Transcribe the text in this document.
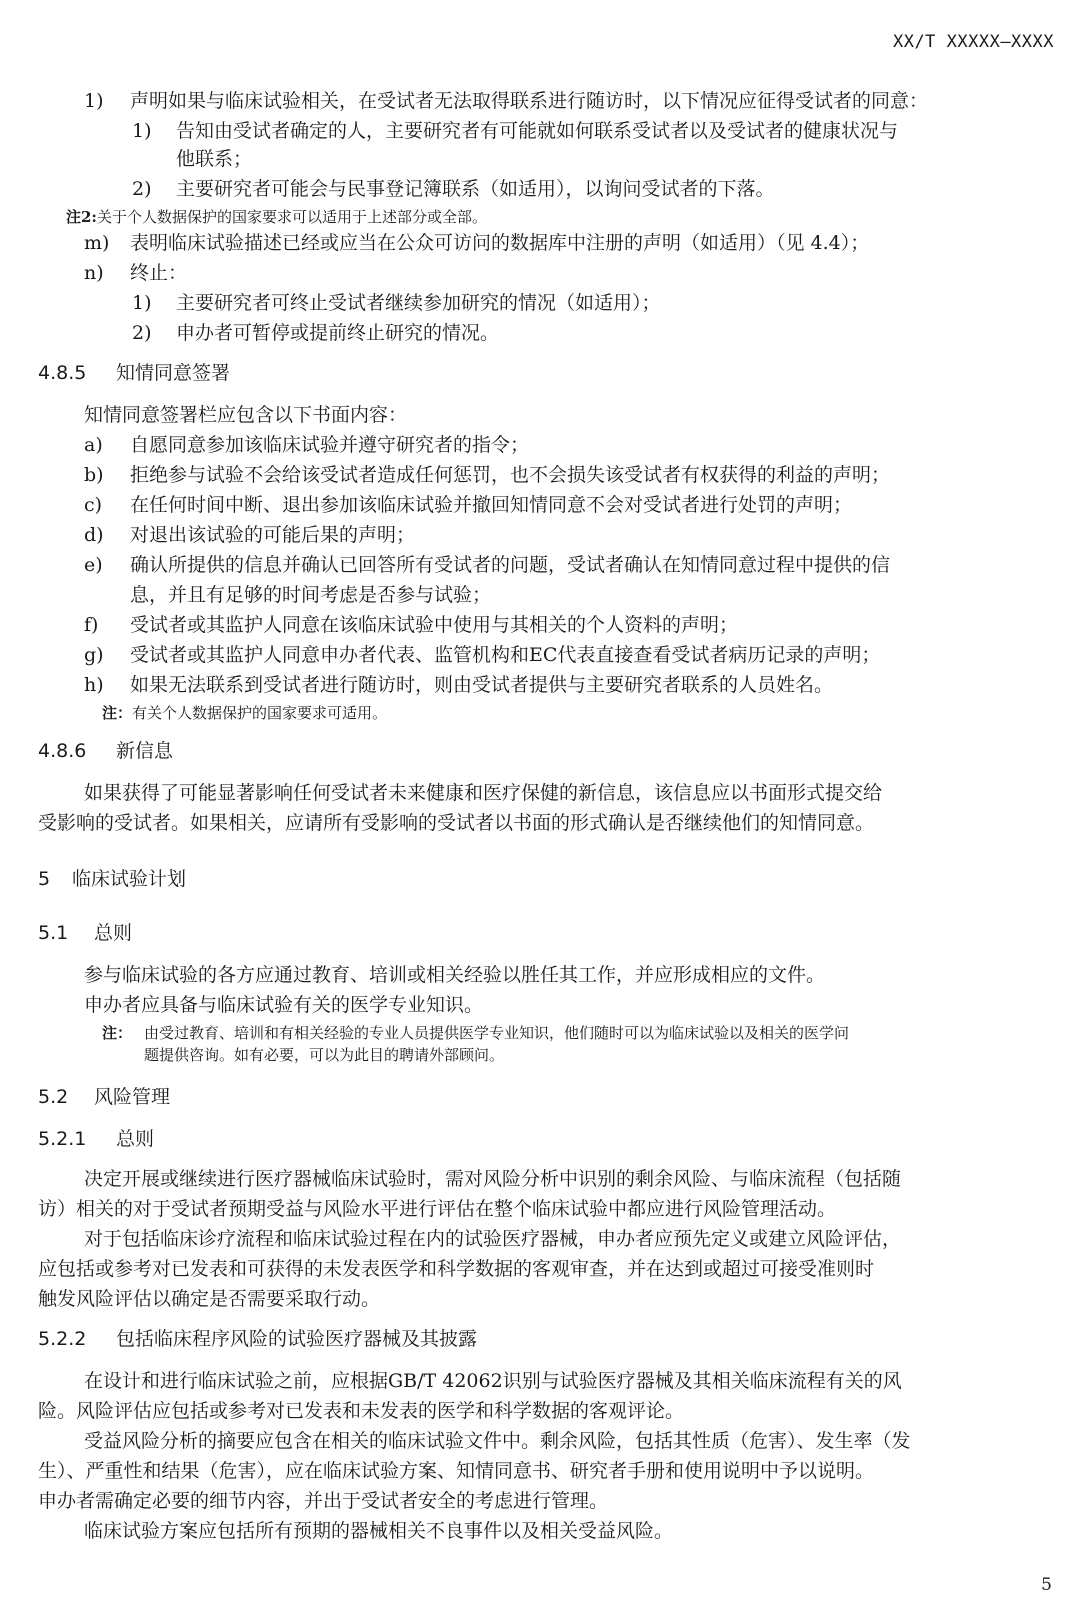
XX/T XXXXX—XXXX
1) 声明如果与临床试验相关，在受试者无法取得联系进行随访时，以下情况应征得受试者的同意：
1) 告知由受试者确定的人，主要研究者有可能就如何联系受试者以及受试者的健康状况与
他联系；
2) 主要研究者可能会与民事登记簿联系（如适用），以询问受试者的下落。
注2:关于个人数据保护的国家要求可以适用于上述部分或全部。
m) 表明临床试验描述已经或应当在公众可访问的数据库中注册的声明（如适用）（见 4.4）；
n) 终止：
1) 主要研究者可终止受试者继续参加研究的情况（如适用）；
2) 申办者可暂停或提前终止研究的情况。
4.8.5 知情同意签署
知情同意签署栏应包含以下书面内容：
a) 自愿同意参加该临床试验并遵守研究者的指令；
b) 拒绝参与试验不会给该受试者造成任何惩罚，也不会损失该受试者有权获得的利益的声明；
c) 在任何时间中断、退出参加该临床试验并撤回知情同意不会对受试者进行处罚的声明；
d) 对退出该试验的可能后果的声明；
e) 确认所提供的信息并确认已回答所有受试者的问题，受试者确认在知情同意过程中提供的信
息，并且有足够的时间考虑是否参与试验；
f) 受试者或其监护人同意在该临床试验中使用与其相关的个人资料的声明；
g) 受试者或其监护人同意申办者代表、监管机构和EC代表直接查看受试者病历记录的声明；
h) 如果无法联系到受试者进行随访时，则由受试者提供与主要研究者联系的人员姓名。
注：有关个人数据保护的国家要求可适用。
4.8.6 新信息
如果获得了可能显著影响任何受试者未来健康和医疗保健的新信息，该信息应以书面形式提交给
受影响的受试者。如果相关，应请所有受影响的受试者以书面的形式确认是否继续他们的知情同意。
5 临床试验计划
5.1 总则
参与临床试验的各方应通过教育、培训或相关经验以胜任其工作，并应形成相应的文件。
申办者应具备与临床试验有关的医学专业知识。
注： 由受过教育、培训和有相关经验的专业人员提供医学专业知识，他们随时可以为临床试验以及相关的医学问
题提供咨询。如有必要，可以为此目的聘请外部顾问。
5.2 风险管理
5.2.1 总则
决定开展或继续进行医疗器械临床试验时，需对风险分析中识别的剩余风险、与临床流程（包括随
访）相关的对于受试者预期受益与风险水平进行评估在整个临床试验中都应进行风险管理活动。
对于包括临床诊疗流程和临床试验过程在内的试验医疗器械，申办者应预先定义或建立风险评估，
应包括或参考对已发表和可获得的未发表医学和科学数据的客观审查，并在达到或超过可接受准则时
触发风险评估以确定是否需要采取行动。
5.2.2 包括临床程序风险的试验医疗器械及其披露
在设计和进行临床试验之前，应根据GB/T 42062识别与试验医疗器械及其相关临床流程有关的风
险。风险评估应包括或参考对已发表和未发表的医学和科学数据的客观评论。
受益风险分析的摘要应包含在相关的临床试验文件中。剩余风险，包括其性质（危害）、发生率（发
生）、严重性和结果（危害），应在临床试验方案、知情同意书、研究者手册和使用说明中予以说明。
申办者需确定必要的细节内容，并出于受试者安全的考虑进行管理。
临床试验方案应包括所有预期的器械相关不良事件以及相关受益风险。
5
